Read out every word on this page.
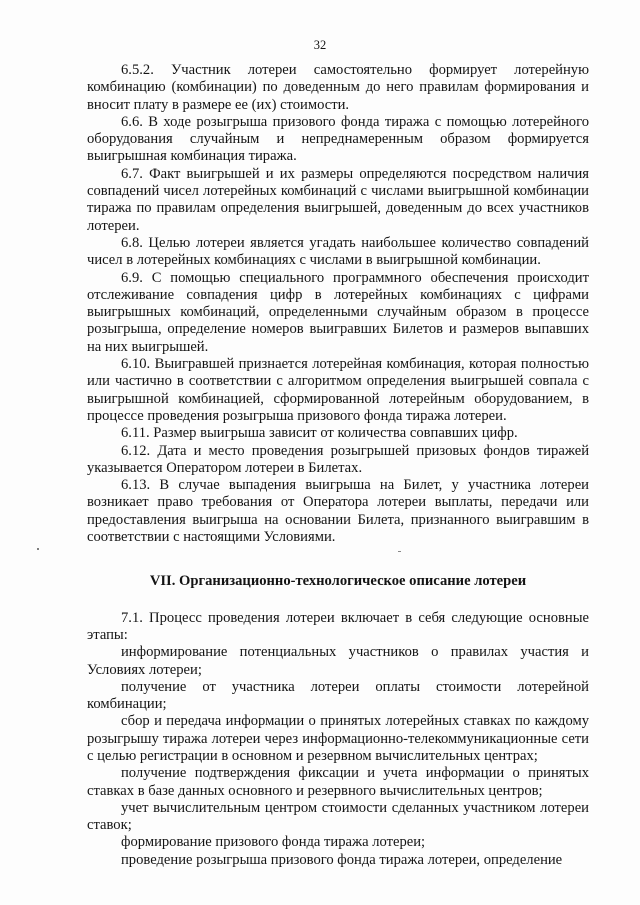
32

6.5.2. Участник лотереи самостоятельно формирует лотерейную комбинацию (комбинации) по доведенным до него правилам формирования и вносит плату в размере ее (их) стоимости.

6.6. В ходе розыгрыша призового фонда тиража с помощью лотерейного оборудования случайным и непреднамеренным образом формируется выигрышная комбинация тиража.

6.7. Факт выигрышей и их размеры определяются посредством наличия совпадений чисел лотерейных комбинаций с числами выигрышной комбинации тиража по правилам определения выигрышей, доведенным до всех участников лотереи.

6.8. Целью лотереи является угадать наибольшее количество совпадений чисел в лотерейных комбинациях с числами в выигрышной комбинации.

6.9. С помощью специального программного обеспечения происходит отслеживание совпадения цифр в лотерейных комбинациях с цифрами выигрышных комбинаций, определенными случайным образом в процессе розыгрыша, определение номеров выигравших Билетов и размеров выпавших на них выигрышей.

6.10. Выигравшей признается лотерейная комбинация, которая полностью или частично в соответствии с алгоритмом определения выигрышей совпала с выигрышной комбинацией, сформированной лотерейным оборудованием, в процессе проведения розыгрыша призового фонда тиража лотереи.

6.11. Размер выигрыша зависит от количества совпавших цифр.

6.12. Дата и место проведения розыгрышей призовых фондов тиражей указывается Оператором лотереи в Билетах.

6.13. В случае выпадения выигрыша на Билет, у участника лотереи возникает право требования от Оператора лотереи выплаты, передачи или предоставления выигрыша на основании Билета, признанного выигравшим в соответствии с настоящими Условиями.

VII. Организационно-технологическое описание лотереи

7.1. Процесс проведения лотереи включает в себя следующие основные этапы:

информирование потенциальных участников о правилах участия и Условиях лотереи;

получение от участника лотереи оплаты стоимости лотерейной комбинации;

сбор и передача информации о принятых лотерейных ставках по каждому розыгрышу тиража лотереи через информационно-телекоммуникационные сети с целью регистрации в основном и резервном вычислительных центрах;

получение подтверждения фиксации и учета информации о принятых ставках в базе данных основного и резервного вычислительных центров;

учет вычислительным центром стоимости сделанных участником лотереи ставок;

формирование призового фонда тиража лотереи;

проведение розыгрыша призового фонда тиража лотереи, определение
